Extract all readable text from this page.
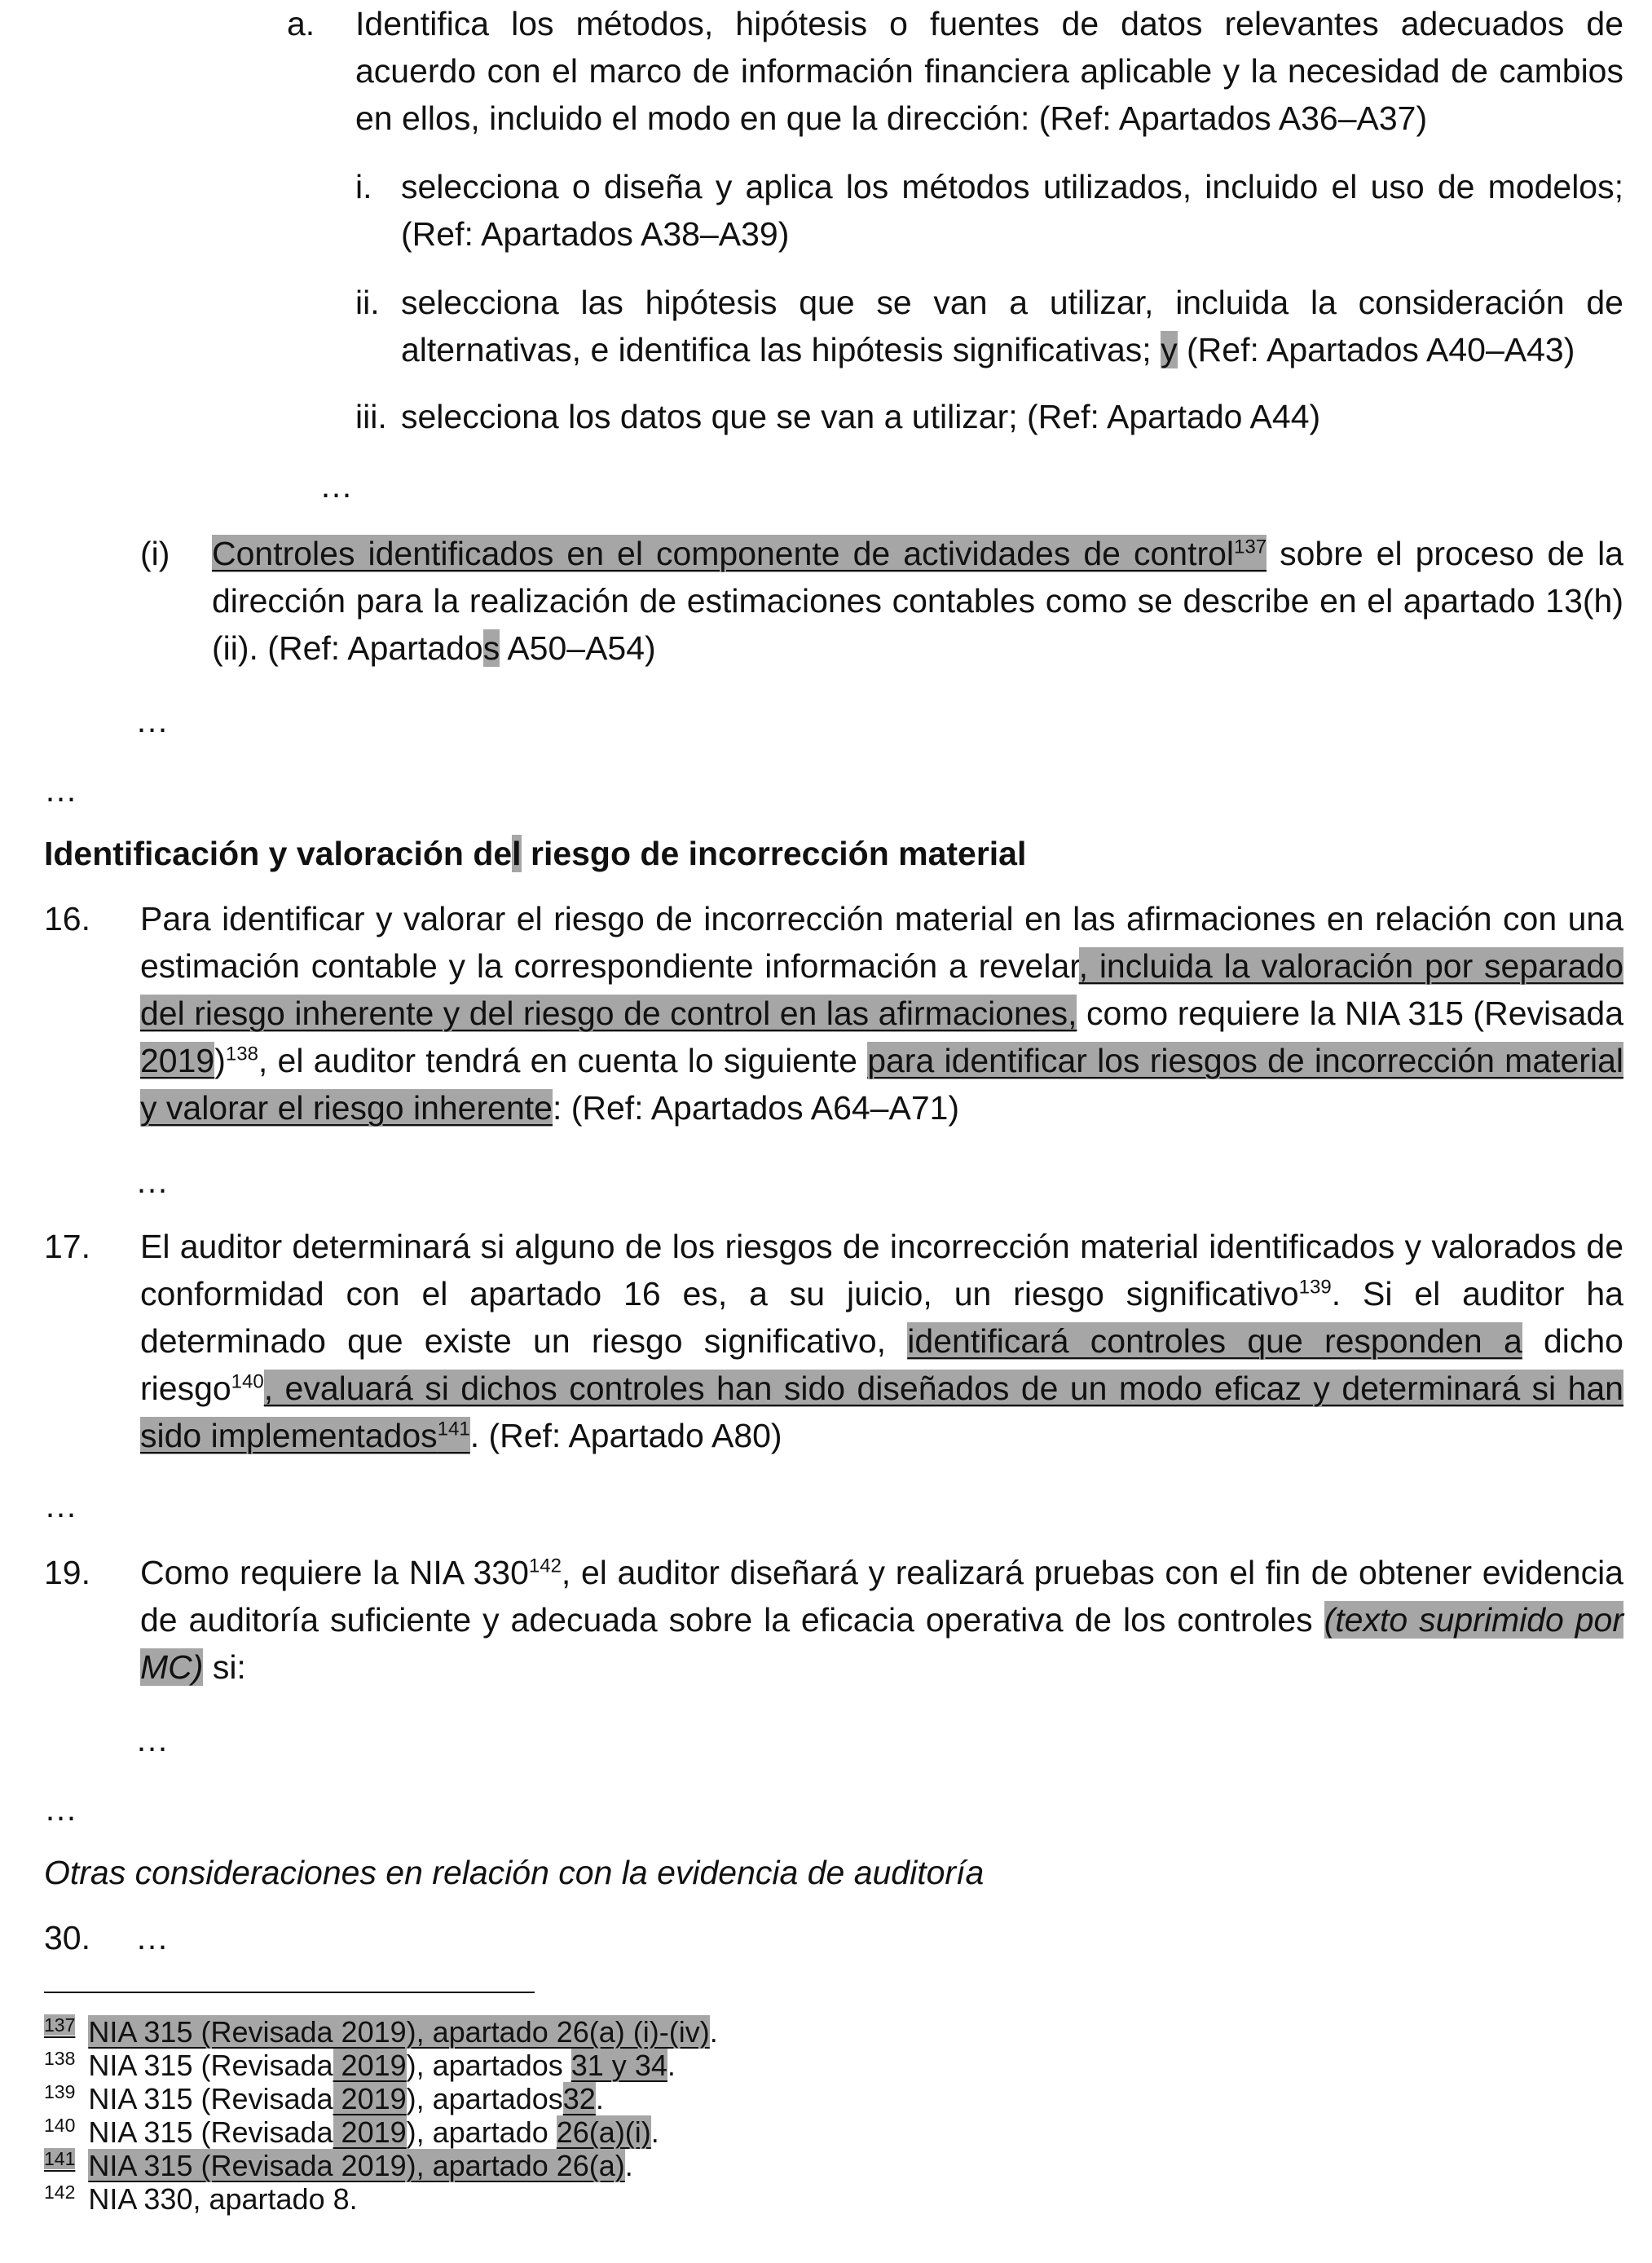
a. Identifica los métodos, hipótesis o fuentes de datos relevantes adecuados de acuerdo con el marco de información financiera aplicable y la necesidad de cambios en ellos, incluido el modo en que la dirección: (Ref: Apartados A36–A37)
i. selecciona o diseña y aplica los métodos utilizados, incluido el uso de modelos; (Ref: Apartados A38–A39)
ii. selecciona las hipótesis que se van a utilizar, incluida la consideración de alternativas, e identifica las hipótesis significativas; y (Ref: Apartados A40–A43)
iii. selecciona los datos que se van a utilizar; (Ref: Apartado A44)
…
(i) Controles identificados en el componente de actividades de control$^{137}$ sobre el proceso de la dirección para la realización de estimaciones contables como se describe en el apartado 13(h)(ii). (Ref: Apartados A50–A54)
…
…
Identificación y valoración del riesgo de incorrección material
16. Para identificar y valorar el riesgo de incorrección material en las afirmaciones en relación con una estimación contable y la correspondiente información a revelar, incluida la valoración por separado del riesgo inherente y del riesgo de control en las afirmaciones, como requiere la NIA 315 (Revisada 2019)$^{138}$, el auditor tendrá en cuenta lo siguiente para identificar los riesgos de incorrección material y valorar el riesgo inherente: (Ref: Apartados A64–A71)
…
17. El auditor determinará si alguno de los riesgos de incorrección material identificados y valorados de conformidad con el apartado 16 es, a su juicio, un riesgo significativo$^{139}$. Si el auditor ha determinado que existe un riesgo significativo, identificará controles que responden a dicho riesgo$^{140}$, evaluará si dichos controles han sido diseñados de un modo eficaz y determinará si han sido implementados$^{141}$. (Ref: Apartado A80)
…
19. Como requiere la NIA $330^{142}$, el auditor diseñará y realizará pruebas con el fin de obtener evidencia de auditoría suficiente y adecuada sobre la eficacia operativa de los controles (texto suprimido por MC) si:
…
…
Otras consideraciones en relación con la evidencia de auditoría
30. …
$^{137}$ NIA 315 (Revisada 2019), apartado 26(a) (i)-(iv).
$^{138}$ NIA 315 (Revisada 2019), apartados 31 y 34.
$^{139}$ NIA 315 (Revisada 2019), apartados32.
$^{140}$ NIA 315 (Revisada 2019), apartado 26(a)(i).
$^{141}$ NIA 315 (Revisada 2019), apartado 26(a).
$^{142}$ NIA 330, apartado 8.
